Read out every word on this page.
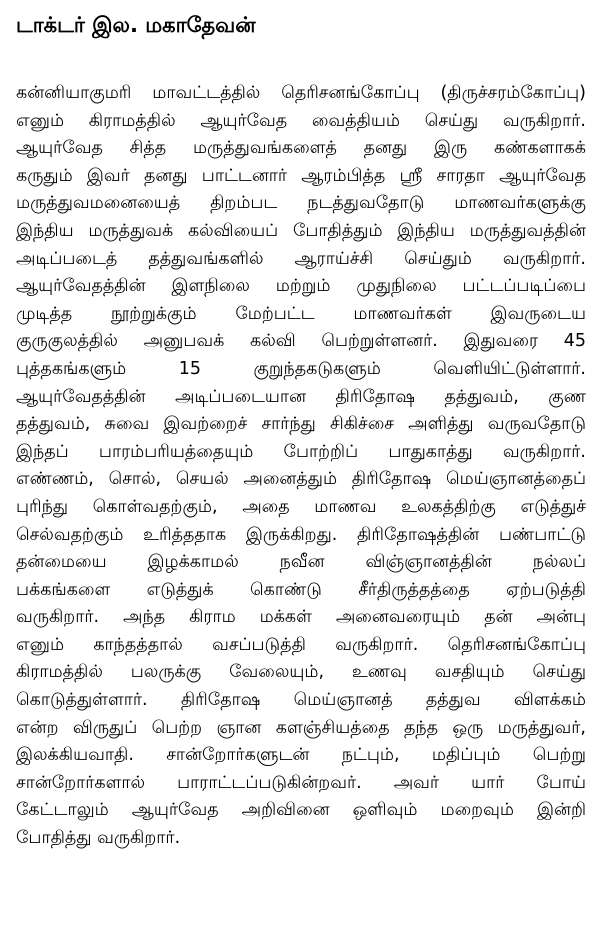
டாக்டர் இல. மகாதேவன்
கன்னியாகுமரி மாவட்டத்தில் தெரிசனங்கோப்பு (திருச்சரம்கோப்பு)
எனும் கிராமத்தில் ஆயுர்வேத வைத்தியம் செய்து வருகிறார்.
ஆயுர்வேத சித்த மருத்துவங்களைத் தனது இரு கண்களாகக்
கருதும் இவர் தனது பாட்டனார் ஆரம்பித்த ஸ்ரீ சாரதா ஆயுர்வேத
மருத்துவமனையைத் திறம்பட நடத்துவதோடு மாணவர்களுக்கு
இந்திய மருத்துவக் கல்வியைப் போதித்தும் இந்திய மருத்துவத்தின்
அடிப்படைத் தத்துவங்களில் ஆராய்ச்சி செய்தும் வருகிறார்.
ஆயுர்வேதத்தின் இளநிலை மற்றும் முதுநிலை பட்டப்படிப்பை
முடித்த நூற்றுக்கும் மேற்பட்ட மாணவர்கள் இவருடைய
குருகுலத்தில் அனுபவக் கல்வி பெற்றுள்ளனர். இதுவரை 45
புத்தகங்களும் 15 குறுந்தகடுகளும் வெளியிட்டுள்ளார்.
ஆயுர்வேதத்தின் அடிப்படையான திரிதோஷ தத்துவம், குண
தத்துவம், சுவை இவற்றைச் சார்ந்து சிகிச்சை அளித்து வருவதோடு
இந்தப் பாரம்பரியத்தையும் போற்றிப் பாதுகாத்து வருகிறார்.
எண்ணம், சொல், செயல் அனைத்தும் திரிதோஷ மெய்ஞானத்தைப்
புரிந்து கொள்வதற்கும், அதை மாணவ உலகத்திற்கு எடுத்துச்
செல்வதற்கும் உரித்ததாக இருக்கிறது. திரிதோஷத்தின் பண்பாட்டு
தன்மையை இழக்காமல் நவீன விஞ்ஞானத்தின் நல்லப்
பக்கங்களை எடுத்துக் கொண்டு சீர்திருத்தத்தை ஏற்படுத்தி
வருகிறார். அந்த கிராம மக்கள் அனைவரையும் தன் அன்பு
எனும் காந்தத்தால் வசப்படுத்தி வருகிறார். தெரிசனங்கோப்பு
கிராமத்தில் பலருக்கு வேலையும், உணவு வசதியும் செய்து
கொடுத்துள்ளார். திரிதோஷ மெய்ஞானத் தத்துவ விளக்கம்
என்ற விருதுப் பெற்ற ஞான களஞ்சியத்தை தந்த ஒரு மருத்துவர்,
இலக்கியவாதி. சான்றோர்களுடன் நட்பும், மதிப்பும் பெற்று
சான்றோர்களால் பாராட்டப்படுகின்றவர். அவர் யார் போய்
கேட்டாலும் ஆயுர்வேத அறிவினை ஒளிவும் மறைவும் இன்றி
போதித்து வருகிறார்.
